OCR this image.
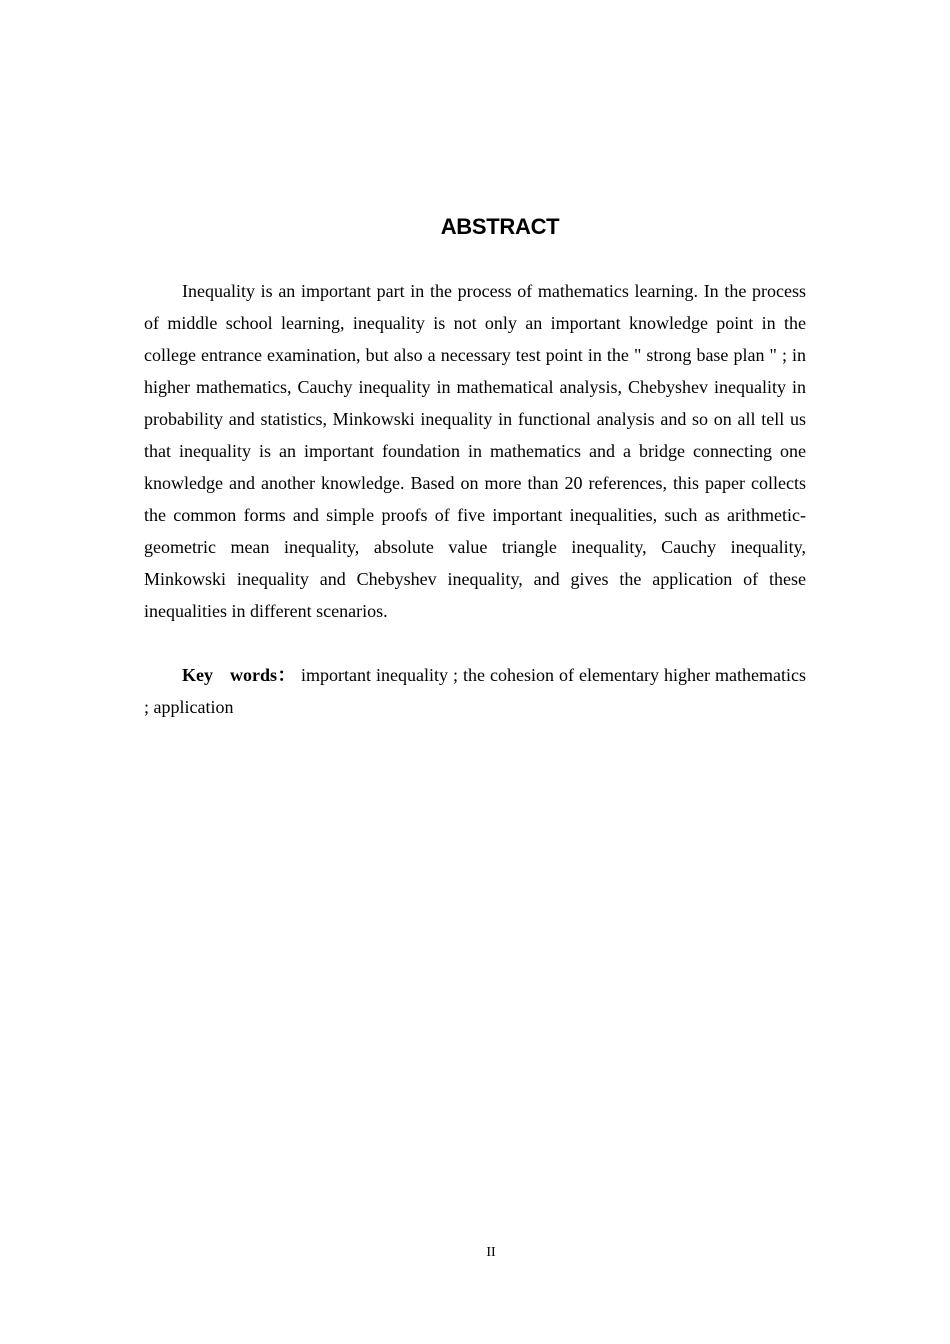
ABSTRACT

Inequality is an important part in the process of mathematics learning. In the process of middle school learning, inequality is not only an important knowledge point in the college entrance examination, but also a necessary test point in the " strong base plan " ; in higher mathematics, Cauchy inequality in mathematical analysis, Chebyshev inequality in probability and statistics, Minkowski inequality in functional analysis and so on all tell us that inequality is an important foundation in mathematics and a bridge connecting one knowledge and another knowledge. Based on more than 20 references, this paper collects the common forms and simple proofs of five important inequalities, such as arithmetic-geometric mean inequality, absolute value triangle inequality, Cauchy inequality, Minkowski inequality and Chebyshev inequality, and gives the application of these inequalities in different scenarios.

Key words： important inequality ; the cohesion of elementary higher mathematics ; application

II
